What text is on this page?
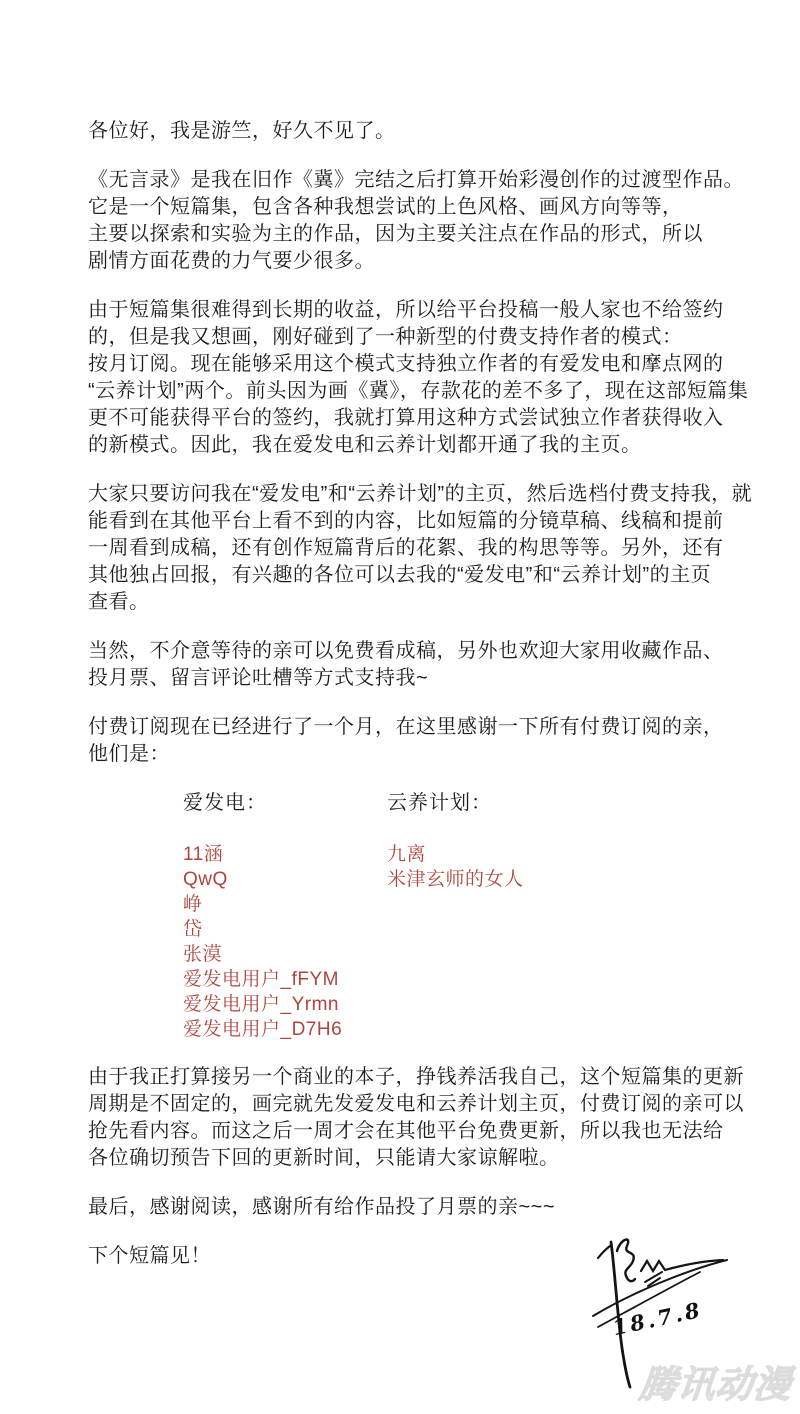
各位好，我是游竺，好久不见了。

《无言录》是我在旧作《冀》完结之后打算开始彩漫创作的过渡型作品。
它是一个短篇集，包含各种我想尝试的上色风格、画风方向等等，
主要以探索和实验为主的作品，因为主要关注点在作品的形式，所以
剧情方面花费的力气要少很多。

由于短篇集很难得到长期的收益，所以给平台投稿一般人家也不给签约
的，但是我又想画，刚好碰到了一种新型的付费支持作者的模式：
按月订阅。现在能够采用这个模式支持独立作者的有爱发电和摩点网的
“云养计划”两个。前头因为画《冀》，存款花的差不多了，现在这部短篇集
更不可能获得平台的签约，我就打算用这种方式尝试独立作者获得收入
的新模式。因此，我在爱发电和云养计划都开通了我的主页。

大家只要访问我在“爱发电”和“云养计划”的主页，然后选档付费支持我，就
能看到在其他平台上看不到的内容，比如短篇的分镜草稿、线稿和提前
一周看到成稿，还有创作短篇背后的花絮、我的构思等等。另外，还有
其他独占回报，有兴趣的各位可以去我的“爱发电”和“云养计划”的主页
查看。

当然，不介意等待的亲可以免费看成稿，另外也欢迎大家用收藏作品、
投月票、留言评论吐槽等方式支持我~

付费订阅现在已经进行了一个月，在这里感谢一下所有付费订阅的亲，
他们是：

爱发电：
11涵
QwQ
峥
岱
张漠
爱发电用户_fFYM
爱发电用户_Yrmn
爱发电用户_D7H6
云养计划：
九离
米津玄师的女人

由于我正打算接另一个商业的本子，挣钱养活我自己，这个短篇集的更新
周期是不固定的，画完就先发爱发电和云养计划主页，付费订阅的亲可以
抢先看内容。而这之后一周才会在其他平台免费更新，所以我也无法给
各位确切预告下回的更新时间，只能请大家谅解啦。

最后，感谢阅读，感谢所有给作品投了月票的亲~~~

下个短篇见！

18.7.8
腾讯动漫
